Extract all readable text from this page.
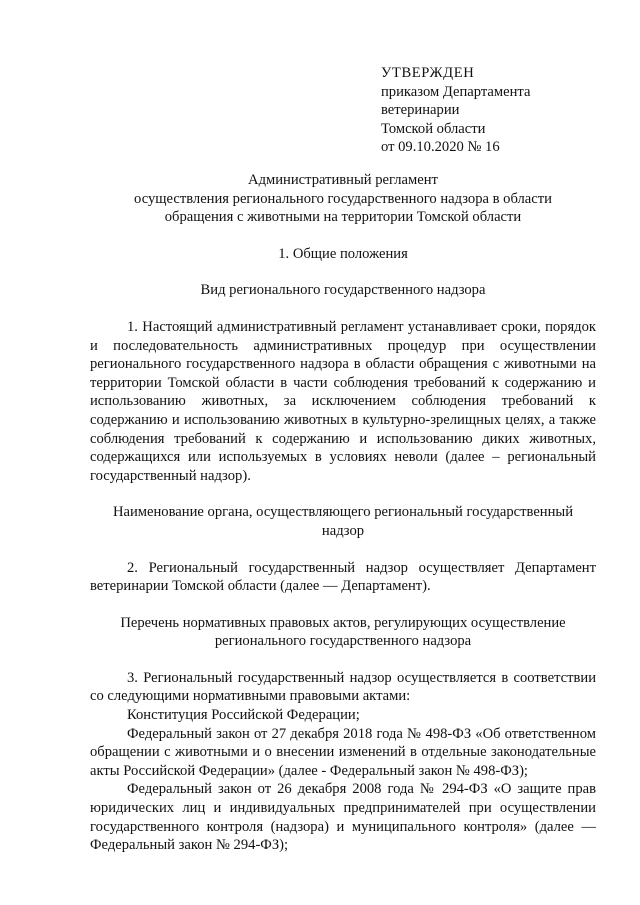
УТВЕРЖДЕН
приказом Департамента
ветеринарии
Томской области
от 09.10.2020 № 16

Административный регламент

осуществления регионального государственного надзора в области

обращения с животными на территории Томской области

1. Общие положения

Вид регионального государственного надзора

1. Настоящий административный регламент устанавливает сроки, порядок и последовательность административных процедур при осуществлении регионального государственного надзора в области обращения с животными на территории Томской области в части соблюдения требований к содержанию и использованию животных, за исключением соблюдения требований к содержанию и использованию животных в культурно-зрелищных целях, а также соблюдения требований к содержанию и использованию диких животных, содержащихся или используемых в условиях неволи (далее – региональный государственный надзор).

Наименование органа, осуществляющего региональный государственный

надзор

2. Региональный государственный надзор осуществляет Департамент ветеринарии Томской области (далее — Департамент).

Перечень нормативных правовых актов, регулирующих осуществление

регионального государственного надзора

3. Региональный государственный надзор осуществляется в соответствии со следующими нормативными правовыми актами:

Конституция Российской Федерации;

Федеральный закон от 27 декабря 2018 года № 498-ФЗ «Об ответственном обращении с животными и о внесении изменений в отдельные законодательные акты Российской Федерации» (далее - Федеральный закон № 498-ФЗ);

Федеральный закон от 26 декабря 2008 года № 294-ФЗ «О защите прав юридических лиц и индивидуальных предпринимателей при осуществлении государственного контроля (надзора) и муниципального контроля» (далее — Федеральный закон № 294-ФЗ);
